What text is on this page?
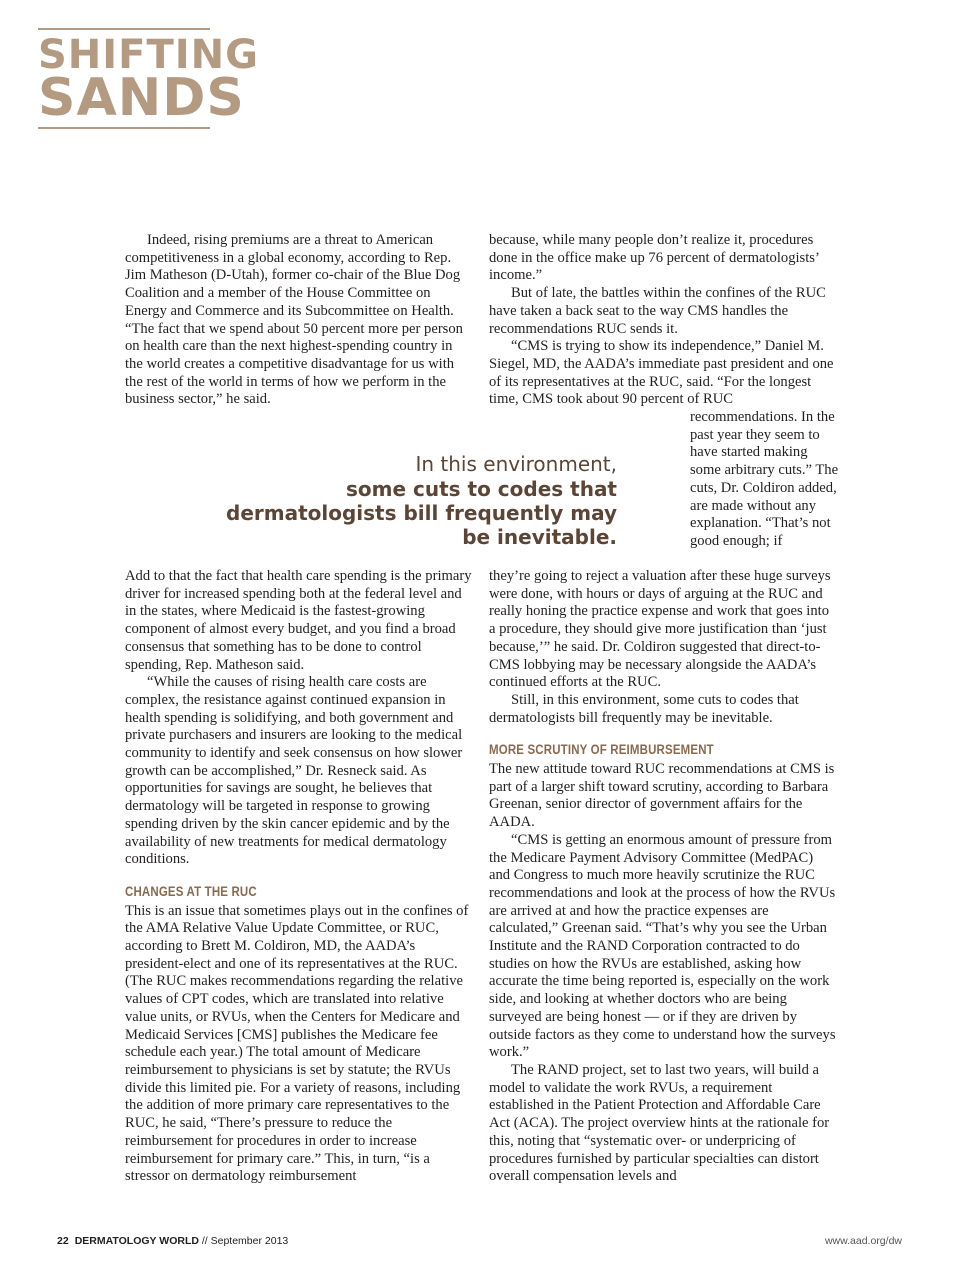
SHIFTING
SANDS

Indeed, rising premiums are a threat to American competitiveness in a global economy, according to Rep. Jim Matheson (D-Utah), former co-chair of the Blue Dog Coalition and a member of the House Committee on Energy and Commerce and its Subcommittee on Health. “The fact that we spend about 50 percent more per person on health care than the next highest-spending country in the world creates a competitive disadvantage for us with the rest of the world in terms of how we perform in the business sector,” he said.

In this environment,
some cuts to codes that dermatologists bill frequently may be inevitable.

Add to that the fact that health care spending is the primary driver for increased spending both at the federal level and in the states, where Medicaid is the fastest-growing component of almost every budget, and you find a broad consensus that something has to be done to control spending, Rep. Matheson said.

“While the causes of rising health care costs are complex, the resistance against continued expansion in health spending is solidifying, and both government and private purchasers and insurers are looking to the medical community to identify and seek consensus on how slower growth can be accomplished,” Dr. Resneck said. As opportunities for savings are sought, he believes that dermatology will be targeted in response to growing spending driven by the skin cancer epidemic and by the availability of new treatments for medical dermatology conditions.

CHANGES AT THE RUC

This is an issue that sometimes plays out in the confines of the AMA Relative Value Update Committee, or RUC, according to Brett M. Coldiron, MD, the AADA’s president-elect and one of its representatives at the RUC. (The RUC makes recommendations regarding the relative values of CPT codes, which are translated into relative value units, or RVUs, when the Centers for Medicare and Medicaid Services [CMS] publishes the Medicare fee schedule each year.) The total amount of Medicare reimbursement to physicians is set by statute; the RVUs divide this limited pie. For a variety of reasons, including the addition of more primary care representatives to the RUC, he said, “There’s pressure to reduce the reimbursement for procedures in order to increase reimbursement for primary care.” This, in turn, “is a stressor on dermatology reimbursement

because, while many people don’t realize it, procedures done in the office make up 76 percent of dermatologists’ income.”

But of late, the battles within the confines of the RUC have taken a back seat to the way CMS handles the recommendations RUC sends it.

“CMS is trying to show its independence,” Daniel M. Siegel, MD, the AADA’s immediate past president and one of its representatives at the RUC, said. “For the longest time, CMS took about 90 percent of RUC

recommendations. In the past year they seem to have started making some arbitrary cuts.” The cuts, Dr. Coldiron added, are made without any explanation. “That’s not good enough; if

they’re going to reject a valuation after these huge surveys were done, with hours or days of arguing at the RUC and really honing the practice expense and work that goes into a procedure, they should give more justification than ‘just because,’” he said. Dr. Coldiron suggested that direct-to-CMS lobbying may be necessary alongside the AADA’s continued efforts at the RUC.

Still, in this environment, some cuts to codes that dermatologists bill frequently may be inevitable.

MORE SCRUTINY OF REIMBURSEMENT

The new attitude toward RUC recommendations at CMS is part of a larger shift toward scrutiny, according to Barbara Greenan, senior director of government affairs for the AADA.

“CMS is getting an enormous amount of pressure from the Medicare Payment Advisory Committee (MedPAC) and Congress to much more heavily scrutinize the RUC recommendations and look at the process of how the RVUs are arrived at and how the practice expenses are calculated,” Greenan said. “That’s why you see the Urban Institute and the RAND Corporation contracted to do studies on how the RVUs are established, asking how accurate the time being reported is, especially on the work side, and looking at whether doctors who are being surveyed are being honest — or if they are driven by outside factors as they come to understand how the surveys work.”

The RAND project, set to last two years, will build a model to validate the work RVUs, a requirement established in the Patient Protection and Affordable Care Act (ACA). The project overview hints at the rationale for this, noting that “systematic over- or underpricing of procedures furnished by particular specialties can distort overall compensation levels and

22 DERMATOLOGY WORLD // September 2013	www.aad.org/dw
